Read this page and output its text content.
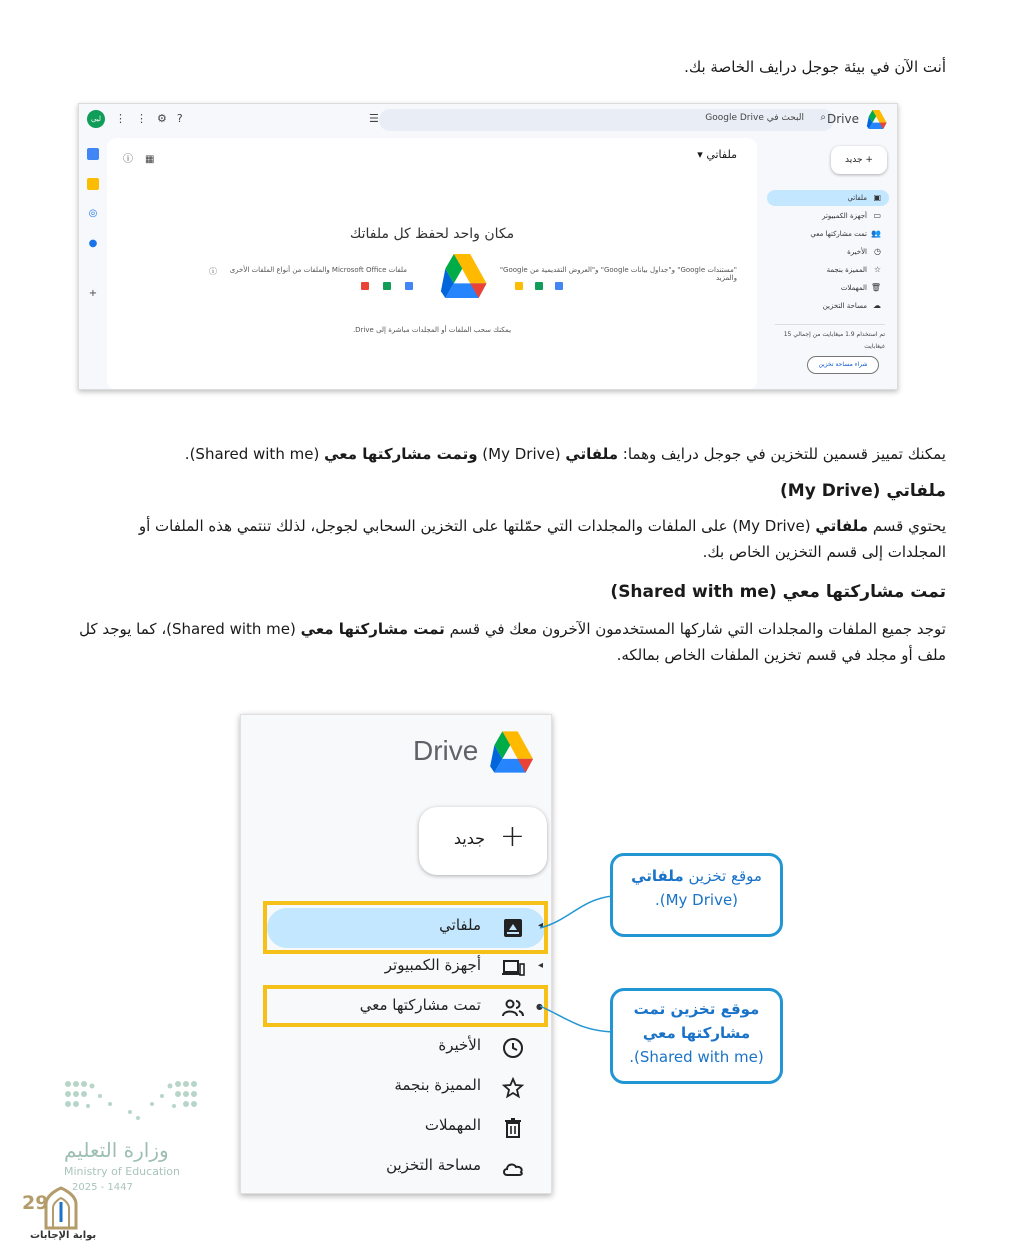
أنت الآن في بيئة جوجل درايف الخاصة بك.
ليى	⋮⋮⚙?	البحث في Google Drive ⌕
☰	Drive
◎
●
+
ⓘ▦	ملفاتي ▾
مكان واحد لحفظ كل ملفاتك
"مستندات Google" و"جداول بيانات Google" و"العروض التقديمية من Google" والمزيد
ملفات Microsoft Office والملفات من أنواع الملفات الأخرى
ⓘ
يمكنك سحب الملفات أو المجلدات مباشرة إلى Drive.
+ جديد
▣
ملفاتي
▭
أجهزة الكمبيوتر
👥
تمت مشاركتها معي
◷
الأخيرة
☆
المميزة بنجمة
🗑
المهملات
☁
مساحة التخزين
تم استخدام 1.9 ميغابايت من إجمالي 15 غيغابايت
شراء مساحة تخزين
يمكنك تمييز قسمين للتخزين في جوجل درايف وهما: ملفاتي (My Drive) وتمت مشاركتها معي (Shared with me).
ملفاتي (My Drive)
يحتوي قسم ملفاتي (My Drive) على الملفات والمجلدات التي حمّلتها على التخزين السحابي لجوجل، لذلك تنتمي هذه الملفات أو المجلدات إلى قسم التخزين الخاص بك.
تمت مشاركتها معي (Shared with me)
توجد جميع الملفات والمجلدات التي شاركها المستخدمون الآخرون معك في قسم تمت مشاركتها معي (Shared with me)، كما يوجد كل ملف أو مجلد في قسم تخزين الملفات الخاص بمالكه.
Drive
جديد +
◂
ملفاتي
◂
أجهزة الكمبيوتر
●
تمت مشاركتها معي
الأخيرة
المميزة بنجمة
المهملات
مساحة التخزين
موقع تخزين ملفاتي
(My Drive).
موقع تخزين تمت
مشاركتها معي
(Shared with me).
وزارة التعليم
Ministry of Education
2025 - 1447
29
بوابة الإجابات
